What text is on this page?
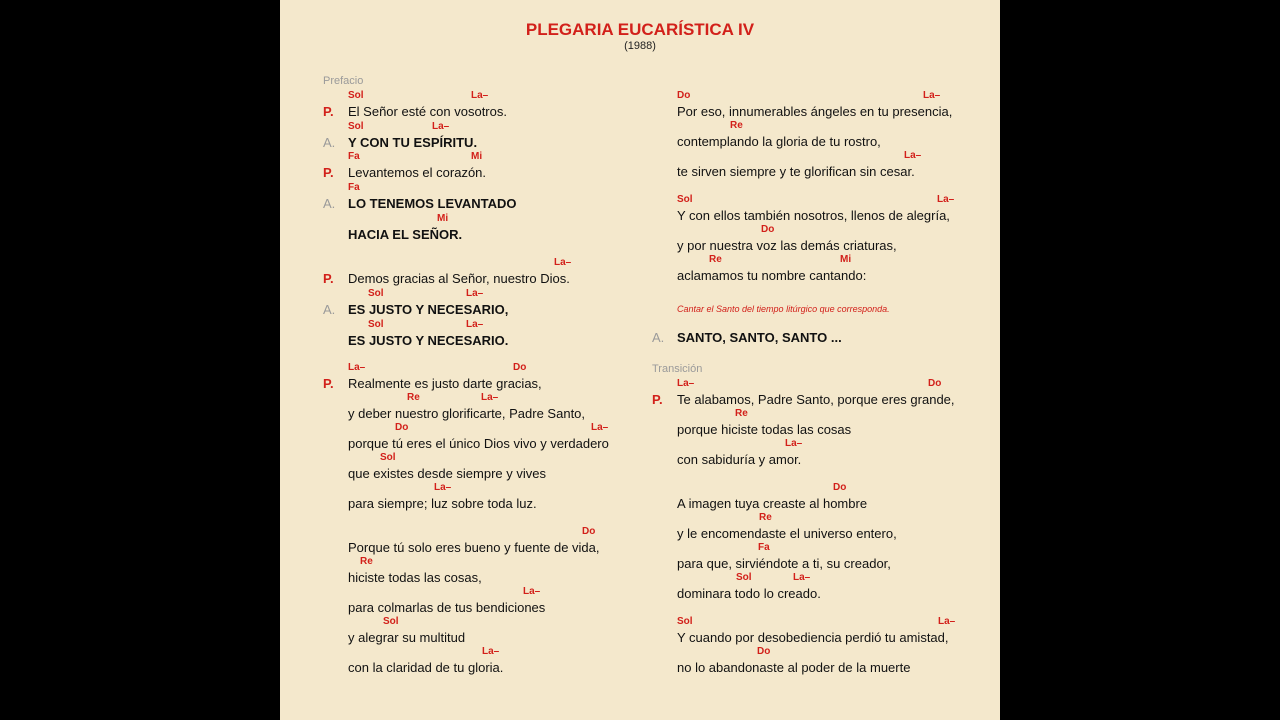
PLEGARIA EUCARÍSTICA IV
(1988)
Prefacio
Transición
Cantar el Santo del tiempo litúrgico que corresponda.
P. El Señor esté con vosotros.
Sol	La–
A. Y CON TU ESPÍRITU.
Sol	La–
P. Levantemos el corazón.
Fa	Mi
A. LO TENEMOS LEVANTADO
Fa
HACIA EL SEÑOR.
Mi
P. Demos gracias al Señor, nuestro Dios.
La–
A. ES JUSTO Y NECESARIO,
Sol	La–
ES JUSTO Y NECESARIO.
Sol	La–
P. Realmente es justo darte gracias,
La–	Do
y deber nuestro glorificarte, Padre Santo,
Re	La–
porque tú eres el único Dios vivo y verdadero
Do	La–
que existes desde siempre y vives
Sol
para siempre; luz sobre toda luz.
La–
Porque tú solo eres bueno y fuente de vida,
Do
hiciste todas las cosas,
Re
para colmarlas de tus bendiciones
La–
y alegrar su multitud
Sol
con la claridad de tu gloria.
La–
Por eso, innumerables ángeles en tu presencia,
Do	La–
contemplando la gloria de tu rostro,
Re
te sirven siempre y te glorifican sin cesar.
La–
Y con ellos también nosotros, llenos de alegría,
Sol	La–
y por nuestra voz las demás criaturas,
Do
aclamamos tu nombre cantando:
Re	Mi
A. SANTO, SANTO, SANTO ...
P. Te alabamos, Padre Santo, porque eres grande,
La–	Do
porque hiciste todas las cosas
Re
con sabiduría y amor.
La–
A imagen tuya creaste al hombre
Do
y le encomendaste el universo entero,
Re
para que, sirviéndote a ti, su creador,
Fa
dominara todo lo creado.
Sol	La–
Y cuando por desobediencia perdió tu amistad,
Sol	La–
no lo abandonaste al poder de la muerte
Do
